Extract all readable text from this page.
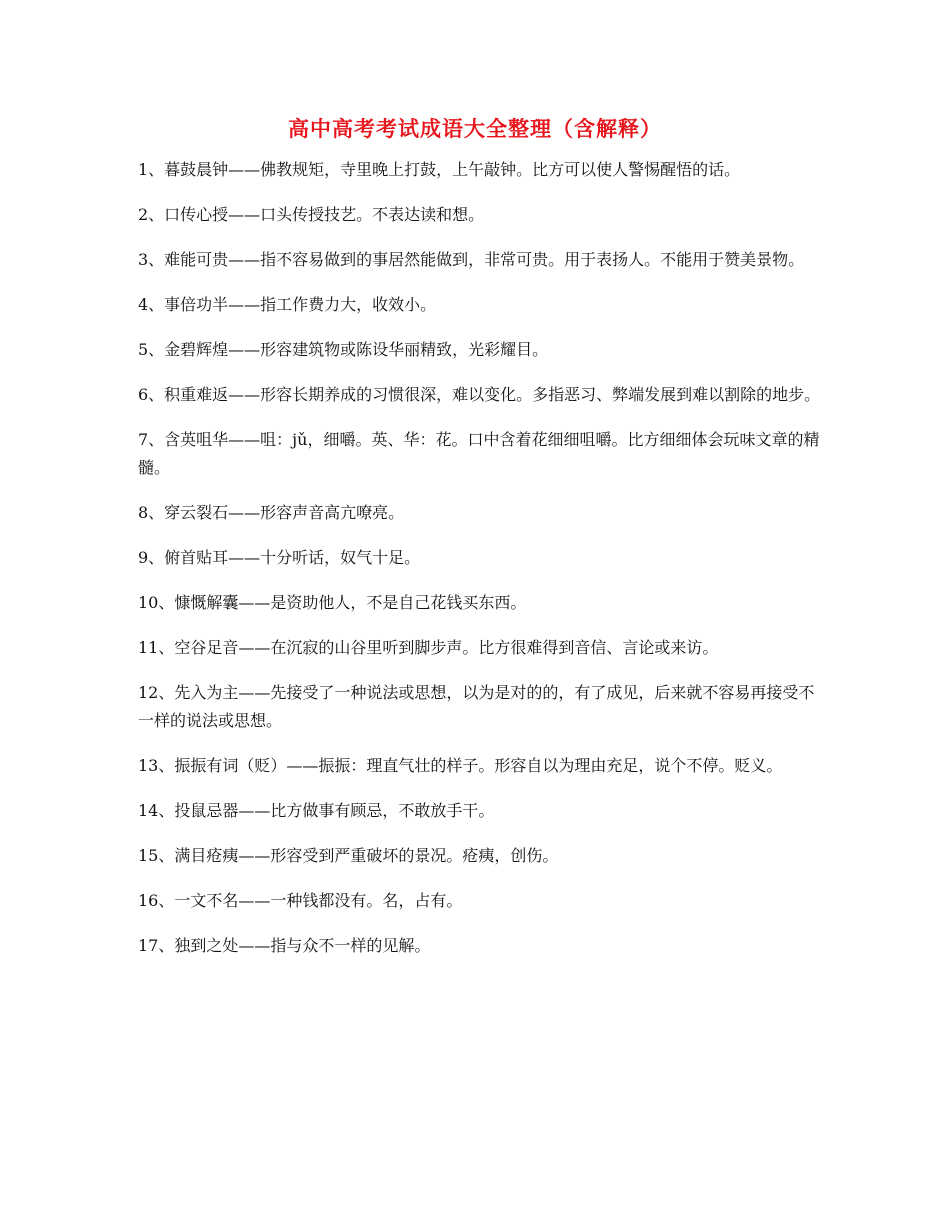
高中高考考试成语大全整理（含解释）
1、暮鼓晨钟——佛教规矩，寺里晚上打鼓，上午敲钟。比方可以使人警惕醒悟的话。
2、口传心授——口头传授技艺。不表达读和想。
3、难能可贵——指不容易做到的事居然能做到，非常可贵。用于表扬人。不能用于赞美景物。
4、事倍功半——指工作费力大，收效小。
5、金碧辉煌——形容建筑物或陈设华丽精致，光彩耀目。
6、积重难返——形容长期养成的习惯很深，难以变化。多指恶习、弊端发展到难以割除的地步。
7、含英咀华——咀：jǔ，细嚼。英、华：花。口中含着花细细咀嚼。比方细细体会玩味文章的精髓。
8、穿云裂石——形容声音高亢嘹亮。
9、俯首贴耳——十分听话，奴气十足。
10、慷慨解囊——是资助他人，不是自己花钱买东西。
11、空谷足音——在沉寂的山谷里听到脚步声。比方很难得到音信、言论或来访。
12、先入为主——先接受了一种说法或思想，以为是对的的，有了成见，后来就不容易再接受不一样的说法或思想。
13、振振有词（贬）——振振：理直气壮的样子。形容自以为理由充足，说个不停。贬义。
14、投鼠忌器——比方做事有顾忌，不敢放手干。
15、满目疮痍——形容受到严重破坏的景况。疮痍，创伤。
16、一文不名——一种钱都没有。名，占有。
17、独到之处——指与众不一样的见解。
